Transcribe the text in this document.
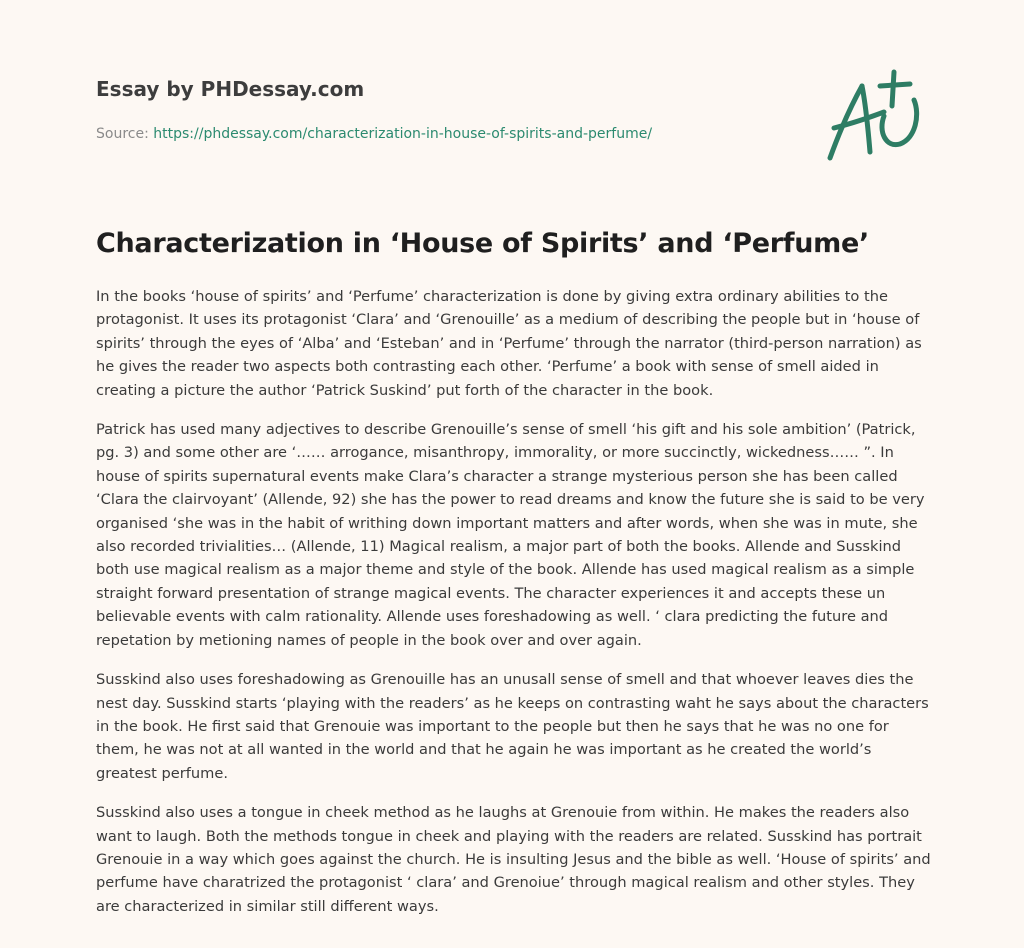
Essay by PHDessay.com
Source: https://phdessay.com/characterization-in-house-of-spirits-and-perfume/
Characterization in ‘House of Spirits’ and ‘Perfume’

In the books ‘house of spirits’ and ‘Perfume’ characterization is done by giving extra ordinary abilities to the protagonist. It uses its protagonist ‘Clara’ and ‘Grenouille’ as a medium of describing the people but in ‘house of spirits’ through the eyes of ‘Alba’ and ‘Esteban’ and in ‘Perfume’ through the narrator (third-person narration) as he gives the reader two aspects both contrasting each other. ‘Perfume’ a book with sense of smell aided in creating a picture the author ‘Patrick Suskind’ put forth of the character in the book.

Patrick has used many adjectives to describe Grenouille’s sense of smell ‘his gift and his sole ambition’ (Patrick, pg. 3) and some other are ‘…… arrogance, misanthropy, immorality, or more succinctly, wickedness…… ”. In house of spirits supernatural events make Clara’s character a strange mysterious person she has been called ‘Clara the clairvoyant’ (Allende, 92) she has the power to read dreams and know the future she is said to be very organised ‘she was in the habit of writhing down important matters and after words, when she was in mute, she also recorded trivialities… (Allende, 11) Magical realism, a major part of both the books. Allende and Susskind both use magical realism as a major theme and style of the book. Allende has used magical realism as a simple straight forward presentation of strange magical events. The character experiences it and accepts these un believable events with calm rationality. Allende uses foreshadowing as well. ‘ clara predicting the future and repetation by metioning names of people in the book over and over again.

Susskind also uses foreshadowing as Grenouille has an unusall sense of smell and that whoever leaves dies the nest day. Susskind starts ‘playing with the readers’ as he keeps on contrasting waht he says about the characters in the book. He first said that Grenouie was important to the people but then he says that he was no one for them, he was not at all wanted in the world and that he again he was important as he created the world’s greatest perfume.

Susskind also uses a tongue in cheek method as he laughs at Grenouie from within. He makes the readers also want to laugh. Both the methods tongue in cheek and playing with the readers are related. Susskind has portrait Grenouie in a way which goes against the church. He is insulting Jesus and the bible as well. ‘House of spirits’ and perfume have charatrized the protagonist ‘ clara’ and Grenoiue’ through magical realism and other styles. They are characterized in similar still different ways.
